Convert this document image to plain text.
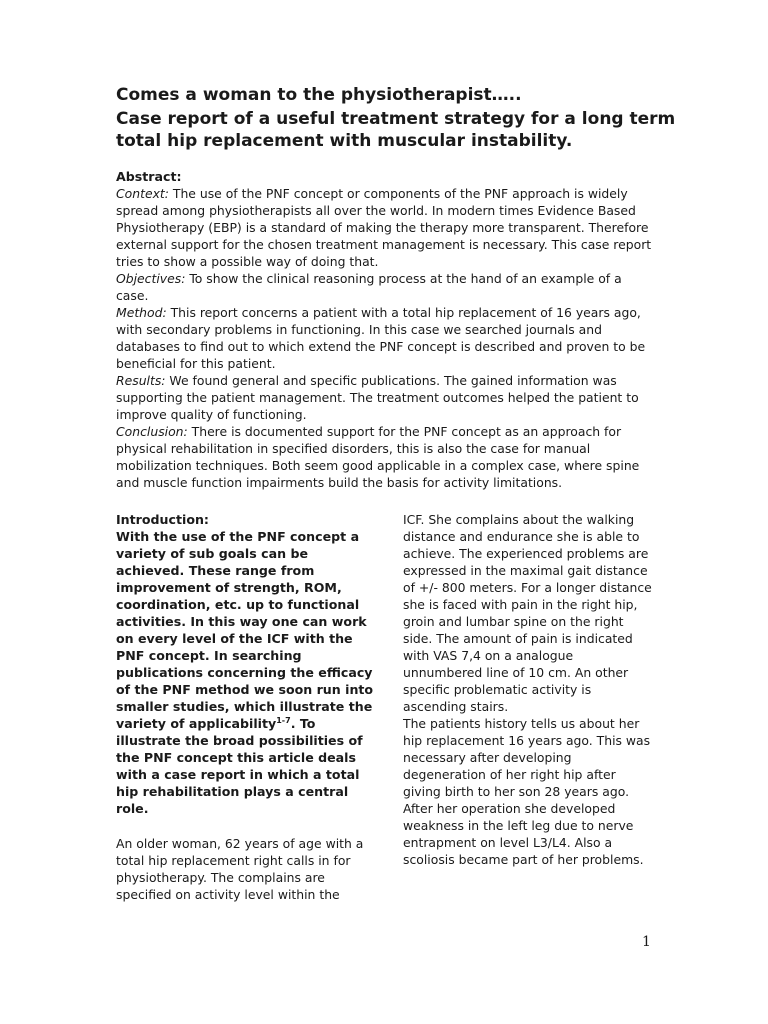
Comes a woman to the physiotherapist…..
Case report of a useful treatment strategy for a long term total hip replacement with muscular instability.

Abstract:

Context: The use of the PNF concept or components of the PNF approach is widely spread among physiotherapists all over the world. In modern times Evidence Based Physiotherapy (EBP) is a standard of making the therapy more transparent. Therefore external support for the chosen treatment management is necessary. This case report tries to show a possible way of doing that.

Objectives: To show the clinical reasoning process at the hand of an example of a case.

Method: This report concerns a patient with a total hip replacement of 16 years ago, with secondary problems in functioning. In this case we searched journals and databases to find out to which extend the PNF concept is described and proven to be beneficial for this patient.

Results: We found general and specific publications. The gained information was supporting the patient management. The treatment outcomes helped the patient to improve quality of functioning.

Conclusion: There is documented support for the PNF concept as an approach for physical rehabilitation in specified disorders, this is also the case for manual mobilization techniques. Both seem good applicable in a complex case, where spine and muscle function impairments build the basis for activity limitations.

Introduction:
With the use of the PNF concept a variety of sub goals can be achieved. These range from improvement of strength, ROM, coordination, etc. up to functional activities. In this way one can work on every level of the ICF with the PNF concept. In searching publications concerning the efficacy of the PNF method we soon run into smaller studies, which illustrate the variety of applicability$^{1-7}$. To illustrate the broad possibilities of the PNF concept this article deals with a case report in which a total hip rehabilitation plays a central role.

An older woman, 62 years of age with a total hip replacement right calls in for physiotherapy. The complains are specified on activity level within the

ICF. She complains about the walking distance and endurance she is able to achieve. The experienced problems are expressed in the maximal gait distance of +/- 800 meters. For a longer distance she is faced with pain in the right hip, groin and lumbar spine on the right side. The amount of pain is indicated with VAS 7,4 on a analogue unnumbered line of 10 cm. An other specific problematic activity is ascending stairs.

The patients history tells us about her hip replacement 16 years ago. This was necessary after developing degeneration of her right hip after giving birth to her son 28 years ago. After her operation she developed weakness in the left leg due to nerve entrapment on level L3/L4. Also a scoliosis became part of her problems.

1
